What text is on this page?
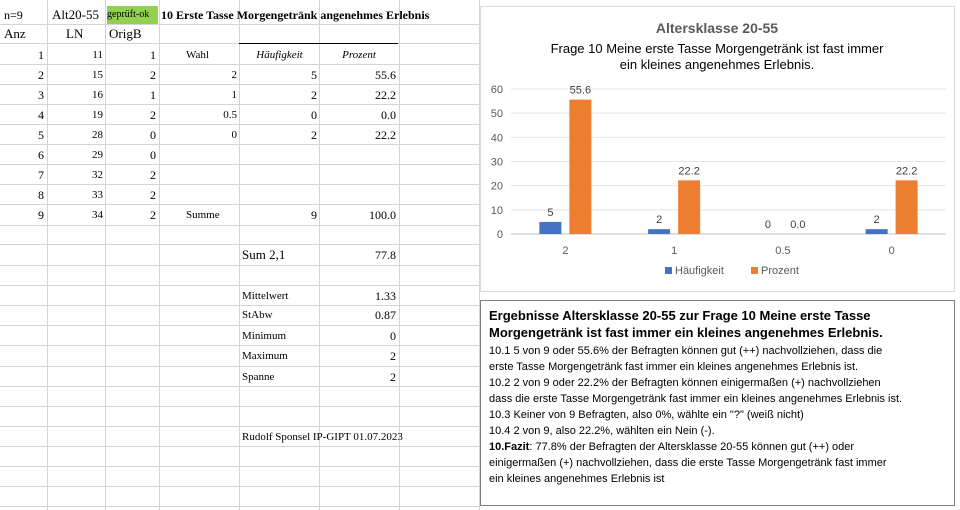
n=9 Alt20-55 geprüft-ok 10 Erste Tasse Morgengetränk angenehmes Erlebnis
Anz	LN OrigB
1	11	1
2	15	2
3	16	1
4	19	2
5	28	0
6	29	0
7	32	2
8	33	2
9	34	2
Wahl	Häufigkeit	Prozent
2	5	55.6
1	2	22.2
0.5	0	0.0
0	2	22.2
Summe	9	100.0
Sum 2,1	77.8
Mittelwert	1.33
StAbw	0.87
Minimum	0
Maximum	2
Spanne	2
Rudolf Sponsel IP-GIPT 01.07.2023
Altersklasse 20-55
Frage 10 Meine erste Tasse Morgengetränk ist fast immer
ein kleines angenehmes Erlebnis.
0
10
20
30
40
50
60
5
55.6
2
2
22.2
1
0 0.0
0.5
2
22.2
0
Häufigkeit	Prozent
Ergebnisse Altersklasse 20-55 zur Frage 10 Meine erste Tasse Morgengetränk ist fast immer ein kleines angenehmes Erlebnis.
10.1 5 von 9 oder 55.6% der Befragten können gut (++) nachvollziehen, dass die
erste Tasse Morgengetränk fast immer ein kleines angenehmes Erlebnis ist.
10.2 2 von 9 oder 22.2% der Befragten können einigermaßen (+) nachvollziehen
dass die erste Tasse Morgengetränk fast immer ein kleines angenehmes Erlebnis ist.
10.3 Keiner von 9 Befragten, also 0%, wählte ein "?" (weiß nicht)
10.4 2 von 9, also 22.2%, wählten ein Nein (-).
10.Fazit: 77.8% der Befragten der Altersklasse 20-55 können gut (++) oder
einigermaßen (+) nachvollziehen, dass die erste Tasse Morgengetränk fast immer
ein kleines angenehmes Erlebnis ist
